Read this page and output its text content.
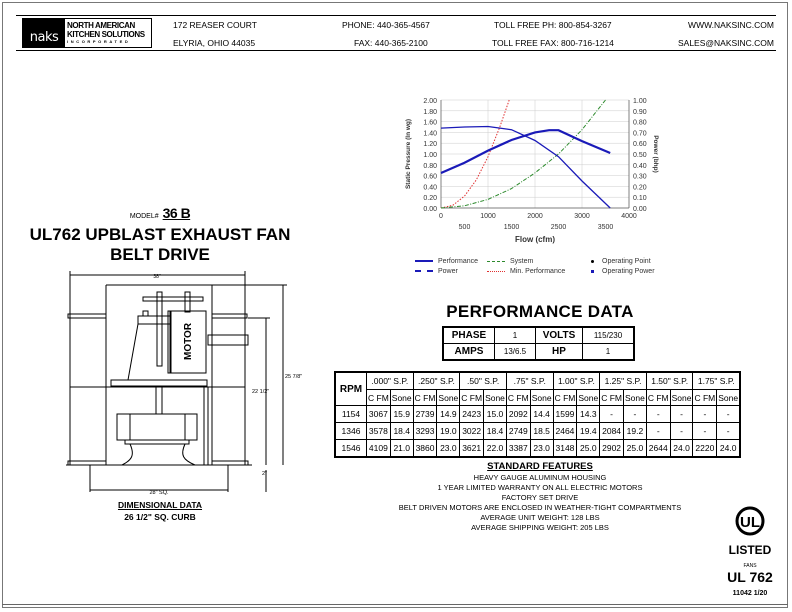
naks
NORTH AMERICAN
KITCHEN SOLUTIONS
INCORPORATED
172 REASER COURT
ELYRIA, OHIO 44035
PHONE: 440-365-4567
FAX: 440-365-2100
TOLL FREE PH: 800-854-3267
TOLL FREE FAX: 800-716-1214
WWW.NAKSINC.COM
SALES@NAKSINC.COM
MODEL# 36 B
UL762 UPBLAST EXHAUST FAN
BELT DRIVE
38"
25 7/8"
22 1/2"
2"
28" SQ.
MOTOR
DIMENSIONAL DATA
26 1/2" SQ. CURB
2.00
1.80
1.60
1.40
1.20
1.00
0.80
0.60
0.40
0.20
0.00
1.00
0.90
0.80
0.70
0.60
0.50
0.40
0.30
0.20
0.10
0.00
0	1000	2000	3000	4000
500	1500	2500	3500
Flow (cfm)
Static Pressure (In wg)	Power (bhp)
Performance	System	Operating Point
Power	Min. Performance	Operating Power
PERFORMANCE DATA
PHASE	1	VOLTS	115/230
AMPS	13/6.5	HP	1
RPM	.000" S.P.		.250" S.P.		.50" S.P.		.75" S.P.		1.00" S.P.		1.25" S.P.		1.50" S.P.		1.75" S.P.	
	C FM	Sone	C FM	Sone	C FM	Sone	C FM	Sone	C FM	Sone	C FM	Sone	C FM	Sone	C FM	Sone
1154	3067	15.9	2739	14.9	2423	15.0	2092	14.4	1599	14.3	-	-	-	-	-	-
1346	3578	18.4	3293	19.0	3022	18.4	2749	18.5	2464	19.4	2084	19.2	-	-	-	-
1546	4109	21.0	3860	23.0	3621	22.0	3387	23.0	3148	25.0	2902	25.0	2644	24.0	2220	24.0
STANDARD FEATURES
HEAVY GAUGE ALUMINUM HOUSING
1 YEAR LIMITED WARRANTY ON ALL ELECTRIC MOTORS
FACTORY SET DRIVE
BELT DRIVEN MOTORS ARE ENCLOSED IN WEATHER-TIGHT COMPARTMENTS
AVERAGE UNIT WEIGHT: 128 LBS
AVERAGE SHIPPING WEIGHT: 205 LBS	UL
LISTED
FANS
UL 762
11042 1/20
